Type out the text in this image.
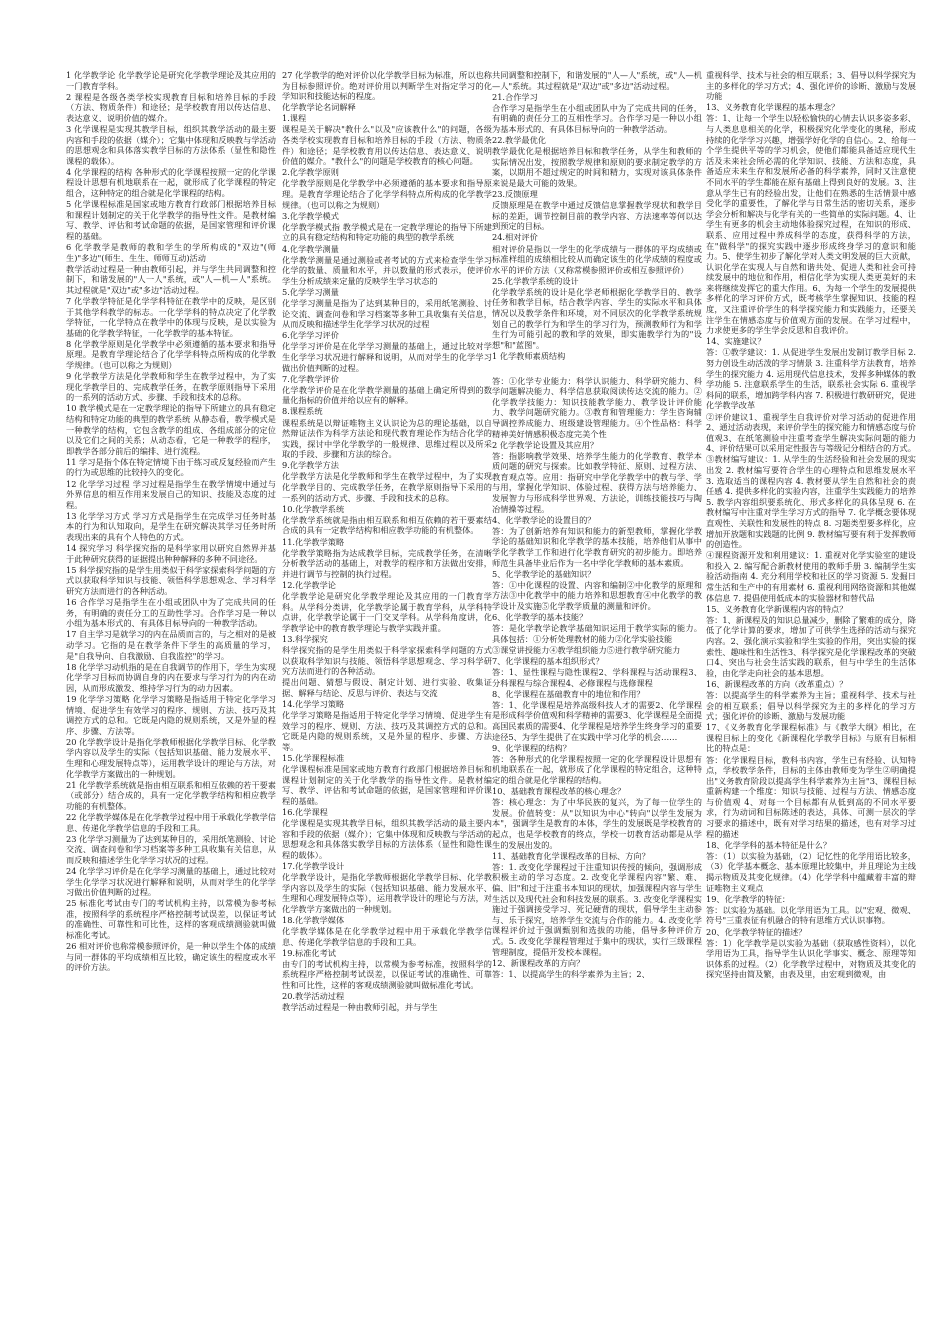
1 化学教学论 化学教学论是研究化学教学理论及其应用的一门教育学科。

2 课程是各级各类学校实现教育目标和培养目标的手段（方法、物质条件）和途径；是学校教育用以传达信息、表达意义、说明价值的媒介。

3 化学课程是实现其教学目标，组织其教学活动的最主要内容和手段的依据（媒介）；它集中体现和反映教与学活动的思想观念和具体落实教学目标的方法体系（显性和隐性课程的载体）。

4 化学课程的结构 各种形式的化学课程按照一定的化学课程设计思想有机地联系在一起，就形成了化学课程的特定组合，这种特定的组合就是化学课程的结构。

5 化学课程标准是国家或地方教育行政部门根据培养目标和课程计划制定的关于化学教学的指导性文件。是教材编写、教学、评估和考试命题的依据，是国家管理和评价课程的基础。

6 化学教学是教师的教和学生的学所构成的"双边"(师生)"多边"(师生、生生、师师互动)活动

教学活动过程是一种由教师引起，并与学生共同调整和控制下，和谐发展的"人一人"系统，或"人—机—人"系统。其过程就是"双边"或"多边"活动过程。

7 化学教学特征是化学学科特征在教学中的反映，是区别于其他学科教学的标志。一化学学科的特点决定了化学教学特征，一化学特点在教学中的体现与反映，是以实验为基础的化学教学特征，一化学教学的基本特征。

8 化学教学原则是化学教学中必须遵循的基本要求和指导原理。是教育学理论结合了化学学科特点所构成的化学教学规律。（也可以称之为规则）

9 化学教学方法是化学教师和学生在教学过程中，为了实现化学教学目的、完成教学任务，在教学原则指导下采用的一系列的活动方式、步骤、手段和技术的总称。

10 教学模式是在一定教学理论的指导下所建立的具有稳定结构和特定功能的典型的教学系统 从静态看，教学模式是一种教学的结构，它包含教学的组成、各组成部分的定位以及它们之间的关系；从动态看，它是一种教学的程序，即教学各部分前后的编排、进行流程。

11 学习是指个体在特定情境下由于练习或反复经验而产生的行为或思维的比较持久的变化。

12 化学学习过程 学习过程是指学生在教学情境中通过与外界信息的相互作用来发展自己的知识、技能及态度的过程。

13 化学学习方式 学习方式是指学生在完成学习任务时基本的行为和认知取向，是学生在研究解决其学习任务时所表现出来的具有个人特色的方式。

14 探究学习 科学探究指的是科学家用以研究自然界并基于此种研究获得的证据提出种种解释的多种不同途径。

15 科学探究指的是学生用类似于科学家探索科学问题的方式以获取科学知识与技能、领悟科学思想观念、学习科学研究方法而进行的各种活动。

16 合作学习是指学生在小组或团队中为了完成共同的任务，有明确的责任分工的互助性学习。合作学习是一种以小组为基本形式的、有具体目标导向的一种教学活动。

17 自主学习是就学习的内在品质而言的，与之相对的是被动学习。它指的是在教学条件下学生的高质量的学习，是"自我导向、自我激励、自我监控"的学习。

18 化学学习动机指的是在自我调节的作用下，学生为实现化学学习目标而协调自身的内在要求与学习行为的内在动因，从而形成激发、维持学习行为的动力因素。

19 化学学习策略 化学学习策略是指适用于特定化学学习情境、促进学生有效学习的程序、规则、方法、技巧及其调控方式的总和。它既是内隐的规则系统，又是外显的程序、步骤、方法等。

20 化学教学设计是指化学教师根据化学教学目标、化学教学内容以及学生的实际（包括知识基础、能力发展水平、生理和心理发展特点等），运用教学设计的理论与方法，对化学教学方案做出的一种规划。

21 化学教学系统就是指由相互联系和相互依赖的若干要素（或部分）结合成的，具有一定化学教学结构和相应教学功能的有机整体。

22 化学教学媒体是在化学教学过程中用于承载化学教学信息、传递化学教学信息的手段和工具。

23 化学学习测量为了达到某种目的，采用纸笔测验、讨论交流、调查问卷和学习档案等多种工具收集有关信息，从而反映和描述学生化学学习状况的过程。

24 化学学习评价是在化学学习测量的基础上，通过比较对学生化学学习状况进行解释和说明，从而对学生的化学学习做出价值判断的过程。

25 标准化考试由专门的考试机构主持，以常模为参考标准，按照科学的系统程序严格控制考试误差，以保证考试的准确性、可靠性和可比性，这样的客观成绩测验就叫做标准化考试。

26 相对评价也称常模参照评价，是一种以学生个体的成绩与同一群体的平均成绩相互比较，确定该生的程度或水平的评价方法。

27 化学教学的绝对评价以化学教学目标为标准，所以也称为目标参照评价。绝对评价用以判断学生对指定学习的化学知识和技能达标的程度。

化学教学论名词解释

1.课程

课程是关于解决"教什么"以及"应该教什么"的问题，各级各类学校实现教育目标和培养目标的手段（方法、物质条件）和途径；是学校教育用以传达信息、表达意义、说明价值的媒介。"教什么"的问题是学校教育的核心问题。

2.化学教学原则

化学教学原则是化学教学中必须遵循的基本要求和指导原理。是教育学理论结合了化学学科特点所构成的化学教学规律。（也可以称之为规则）

3.化学教学模式

化学教学模式指 教学模式是在一定教学理论的指导下所建立的具有稳定结构和特定功能的典型的教学系统

4.化学教学测量

化学教学测量是通过测验或者考试的方式来检查学生学习化学的数量、质量和水平，并以数量的形式表示，使评价学生分析成绩来定量的反映学生学习状态的

5.化学学习测量

化学学习测量是指为了达到某种目的，采用纸笔测验、讨论交流、调查问卷和学习档案等多种工具收集有关信息，从而反映和描述学生化学学习状况的过程

6.化学学习评价

化学学习评价是在化学学习测量的基础上，通过比较对学生化学学习状况进行解释和说明，从而对学生的化学学习做出价值判断的过程。

7.化学教学评价

化学教学评价是在化学教学测量的基础上确定所得到的数量化指标的价值并给以应有的解释。

8.课程系统

课程系统是以辩证唯物主义认识论为总的理论基础，以自然辩证法作为科学方法论和现代教育理论作为结合化学的实践，探讨中学化学教学的一般规律、思维过程以及所采取的手段、步骤和方法的综合。

9.化学教学方法

化学教学方法是化学教师和学生在教学过程中，为了实现化学教学目的、完成教学任务，在教学原则指导下采用的一系列的活动方式、步骤、手段和技术的总称。

10.化学教学系统

化学教学系统就是指由相互联系和相互依赖的若干要素结合成的具有一定教学结构和相应教学功能的有机整体。

11.化学教学策略

化学教学策略指为达成教学目标，完成教学任务，在清晰分析教学活动的基础上，对教学的程序和方法做出安排，并进行调节与控制的执行过程。

12.化学教学论

化学教学论是研究化学教学理论及其应用的一门教育学科。从学科分类讲，化学教学论属于教育学科，从学科特点讲，化学教学论属于一门交叉学科。从学科角度讲，化学教学论中的教育教学理论与教学实践并重。

13.科学探究

科学探究指的是学生用类似于科学家探索科学问题的方式以获取科学知识与技能、领悟科学思想观念、学习科学研究方法而进行的各种活动。

提出问题、猜想与假设、制定计划、进行实验、收集证据、解释与结论、反思与评价、表达与交流

14.化学学习策略

化学学习策略是指适用于特定化学学习情境、促进学生有效学习的程序、规则、方法、技巧及其调控方式的总和。它既是内隐的规则系统，又是外显的程序、步骤、方法等。

15.化学课程标准

化学课程标准是国家或地方教育行政部门根据培养目标和课程计划制定的关于化学教学的指导性文件。是教材编写、教学、评估和考试命题的依据，是国家管理和评价课程的基础。

16.化学课程

化学课程是实现其教学目标，组织其教学活动的最主要内容和手段的依据（媒介）；它集中体现和反映教与学活动的思想观念和具体落实教学目标的方法体系（显性和隐性课程的载体）。

17.化学教学设计

化学教学设计，是指化学教师根据化学教学目标、化学教学内容以及学生的实际（包括知识基础、能力发展水平、生理和心理发展特点等），运用教学设计的理论与方法，对化学教学方案做出的一种规划。

18.化学教学媒体

化学教学媒体是在化学教学过程中用于承载化学教学信息、传递化学教学信息的手段和工具。

19.标准化考试

由专门的考试机构主持，以常模为参考标准，按照科学的系统程序严格控制考试误差，以保证考试的准确性、可靠性和可比性，这样的客观成绩测验就叫做标准化考试。

20.教学活动过程

教学活动过程是一种由教师引起，并与学生

共同调整和控制下，和谐发展的"人—人"系统，或"人—机—人"系统。其过程就是"双边"或"多边"活动过程。

21.合作学习

合作学习是指学生在小组或团队中为了完成共同的任务，有明确的责任分工的互相性学习。合作学习是一种以小组为基本形式的、有具体目标导向的一种教学活动。

22.教学最优化

教学最优化是根据培养目标和教学任务，从学生和教师的实际情况出发，按照教学规律和原则的要求制定教学的方案，以期用不超过规定的时间和精力，实现对该具体条件来说是最大可能的效果。

23.反馈原理

反馈原理是在教学中通过反馈信息掌握教学现状和教学目标的差距，调节控制目前的教学内容、方法速率等何以达到预定的目标。

24.相对评价

相对评价是指以一学生的化学成绩与一群体的平均成绩或标准样组的成绩相比较从而确定该生的化学成绩的程度或水平的评价方法（又称常模参照评价或相互参照评价）

25.化学教学系统的设计

化学教学系统的设计是化学老师根据化学教学目的、教学任务和教学目标，结合教学内容、学生的实际水平和具体情况以及教学条件和环境，对不同层次的化学教学系统规划自己的教学行为和学生的学习行为，预测教师行为和学生行为可能引起的教和学的效果，即实施教学行为的"设想"和"蓝图"。

1 化学教师素质结构

答：①化学专业能力：科学认识能力、科学研究能力、科学问题解决能力、科学信息获取阅读传达交流的能力。②化学教学技能力：知识技能教学能力、教学设计评价能力、教学问题研究能力。③教育和管理能力：学生咨询辅导调控养成能力、班级建设管理能力。④个性品格：科学精神美好情感积极态度完美个性

2 化学教学论设置及其应用？

答：指影响教学效果、培养学生能力的化学教育、教学本质问题的研究与探索。比如教学特征、原则、过程方法、教育观点等。应用：指研究中学化学教学中的教与学、学与用，掌握化学知识、体验过程、获得方法与培养能力、发展智力与形成科学世界观、方法论，训练技能技巧与陶冶情操等过程。

4、化学教学论的设置目的？

答：为了创新培养有知识和能力的新型教师，掌握化学教学论的基础知识和化学教学的基本技能，培养他们从事中学化学教学工作和进行化学教育研究的初步能力。即培养师范生具备毕业后作为一名中学化学教师的基本素质。

5、化学教学论的基础知识？

答：①中化课程的设置、内容和编制②中化教学的原理和方法③中化教学中的能力培养和思想教育④中化教学的教学设计及实施⑤化学教学质量的测量和评价。

6、化学教学的基本技能？

答：是化学教学论教学基础知识运用于教学实际的能力。具体包括：①分析处理教材的能力②化学实验技能

③课堂讲授能力④教学组织能力⑤进行教学研究能力

7、化学课程的基本组织形式？

答：1、显性课程与隐性课程2、学科课程与活动课程3、分科课程与综合课程4、必修课程与选修课程

8、化学课程在基础教育中的地位和作用？

答：1、化学课程是培养高级科技人才的需要2、化学课程是形成科学价值观和科学精神的需要3、化学课程是全面提高国民素质的需要4、化学课程是培养学生终身学习的重要途径5、为学生提供了在实践中学习化学的机会……

9、化学课程的结构？

答：各种形式的化学课程按照一定的化学课程设计思想有机地联系在一起，就形成了化学课程的特定组合，这种特定的组合就是化学课程的结构。

10、基础教育课程改革的核心理念？

答：核心理念：为了中华民族的复兴，为了每一位学生的发展。价值转变：从"以知识为中心"转向"以学生发展为本"，强调学生是教育的本体，学生的发展既是学校教育的起点，也是学校教育的终点，学校一切教育活动都是从学生的发展出发的。

11、基础教育化学课程改革的目标、方向？

答：1. 改变化学课程过于注重知识传授的倾向，强调形成积极主动的学习态度。2. 改变化学课程内容"繁、难、偏、旧"和过于注重书本知识的现状，加强课程内容与学生生活以及现代社会和科技发展的联系。3. 改变化学课程实施过于强调接受学习、死记硬背的现状，倡导学生主动参与、乐于探究，培养学生交流与合作的能力。4. 改变化学课程评价过于强调甄别和选拔的功能，倡导多种评价方式。5. 改变化学课程管理过于集中的现状，实行三级课程管理制度，提倡开发校本课程。

12、新课程改革的方向？

答：1、以提高学生的科学素养为主旨；2、

重视科学、技术与社会的相互联系；3、倡导以科学探究为主的多样化的学习方式；4、强化评价的诊断、激励与发展功能

13、义务教育化学课程的基本理念？

答：1、让每一个学生以轻松愉快的心情去认识多姿多彩、与人类息息相关的化学，积极探究化学变化的奥秘，形成持续的化学学习兴趣，增强学好化学的自信心。2、给每一个学生提供平等的学习机会，使他们都能具备适应现代生活及未来社会所必需的化学知识、技能、方法和态度，具备适应未来生存和发展所必备的科学素养，同时又注意使不同水平的学生都能在原有基础上得到良好的发展。3、注意从学生已有的经验出发，让他们在熟悉的生活情景中感受化学的重要性，了解化学与日常生活的密切关系，逐步学会分析和解决与化学有关的一些简单的实际问题。4、让学生有更多的机会主动地体验探究过程，在知识的形成、联系、应用过程中养成科学的态度，获得科学的方法，在"做科学"的探究实践中逐步形成终身学习的意识和能力。5、使学生初步了解化学对人类文明发展的巨大贡献，认识化学在实现人与自然和谐共处、促进人类和社会可持续发展中的地位和作用，相信化学为实现人类更美好的未来将继续发挥它的重大作用。6、为每一个学生的发展提供多样化的学习评价方式，既考核学生掌握知识、技能的程度，又注重评价学生的科学探究能力和实践能力，还要关注学生在情感态度与价值观方面的发展。在学习过程中，力求使更多的学生学会反思和自我评价。

14、实施建议？

答：①教学建议：1. 从促进学生发展出发制订教学目标 2. 努力创设生动活泼的学习情景 3. 注重科学方法教育，培养学生的探究能力 4. 运用现代信息技术，发挥多种媒体的教学功能 5. 注意联系学生的生活，联系社会实际 6. 重视学科间的联系，增加跨学科内容 7. 积极进行教研研究，促进化学教学改革

②评价建议1、重视学生自我评价对学习活动的促进作用2、通过活动表现，来评价学生的探究能力和情感态度与价值观3、在纸笔测验中注重考查学生解决实际问题的能力4、评价结果可以采用定性报告与等级记分相结合的方式。

③教材编写建议：1. 从学生的生活经验和社会发展的现实出发 2. 教材编写要符合学生的心理特点和思维发展水平 3. 选取适当的课程内容 4. 教材要从学生自然和社会的责任感 4. 提供多样化的实验内容，注重学生实践能力的培养 5. 教学内容组织要系统化、形式多样化的具体呈现 6. 在教材编写中注重对学生学习方式的指导 7. 化学概念要体现直观性、关联性和发展性的特点 8. 习题类型要多样化，应增加开放题和实践题的比例 9. 教材编写要有利于发挥教师的创造性。

④课程资源开发和利用建议：1. 重视对化学实验室的建设和投入 2. 编写配合新教材使用的教师手册 3. 编制学生实验活动指南 4. 充分利用学校和社区的学习资源 5. 发掘日常生活和生产中的有用素材 6. 重视利用网络资源和其他媒体信息 7. 提倡使用低成本的实验器材和替代品

15、义务教育化学新课程内容的特点？

答：1、新课程及的知识总量减少，删除了繁难的成分，降低了化学计算的要求，增加了可供学生选择的活动与探究内容。2、强化演示实验和学生实验的作用，突出实验的探索性、趣味性和生活性3、科学探究是化学课程改革的突破口4、突出与社会生活实践的联系，但与中学生的生活体验，由化学走向社会的基本思想。

16、新课程改革的方向（改革重点）？

答：以提高学生的科学素养为主旨；重视科学、技术与社会的相互联系；倡导以科学探究为主的多样化的学习方式；强化评价的诊断、激励与发展功能

17、《义务教育化学课程标准》与《教学大纲》相比，在课程目标上的变化《新课程化学教学目标》与原有目标相比的特点是：

答：化学课程目标，教科书内容，学生已有经验、认知特点，学校教学条件，目标的主体由教师变为学生②明确提出"义务教育阶段以提高学生科学素养为主旨"3、课程目标重新构建一个维度：知识与技能、过程与方法、情感态度与价值观 4、对每一个目标都有从低到高的不同水平要求，行为动词和目标陈述的表达，具体、可测一层次的学习要求的描述中，既有对学习结果的描述，也有对学习过程的描述

18、化学学科的基本特征是什么？

答：（1）以实验为基础，（2）记忆性的化学用语比较多，（3）化学基本概念、基本原理比较集中，并且理论为主线揭示物质及其变化规律。（4）化学学科中蕴藏着丰富的辩证唯物主义观点

19、化学教学的特征：

答：以实验为基础。以化学用语为工具。以"宏观、微观、符号"三重表征有机融合的特有思维方式认识事物。

20、化学教学特征的描述？

答：1）化学教学是以实验为基础（获取感性资料），以化学用语为工具，指导学生认识化学事实、概念、原理等知识体系的过程。（2）化学教学过程中，对物质及其变化的探究坚持由简及繁，由表及里，由宏观到微观，由
